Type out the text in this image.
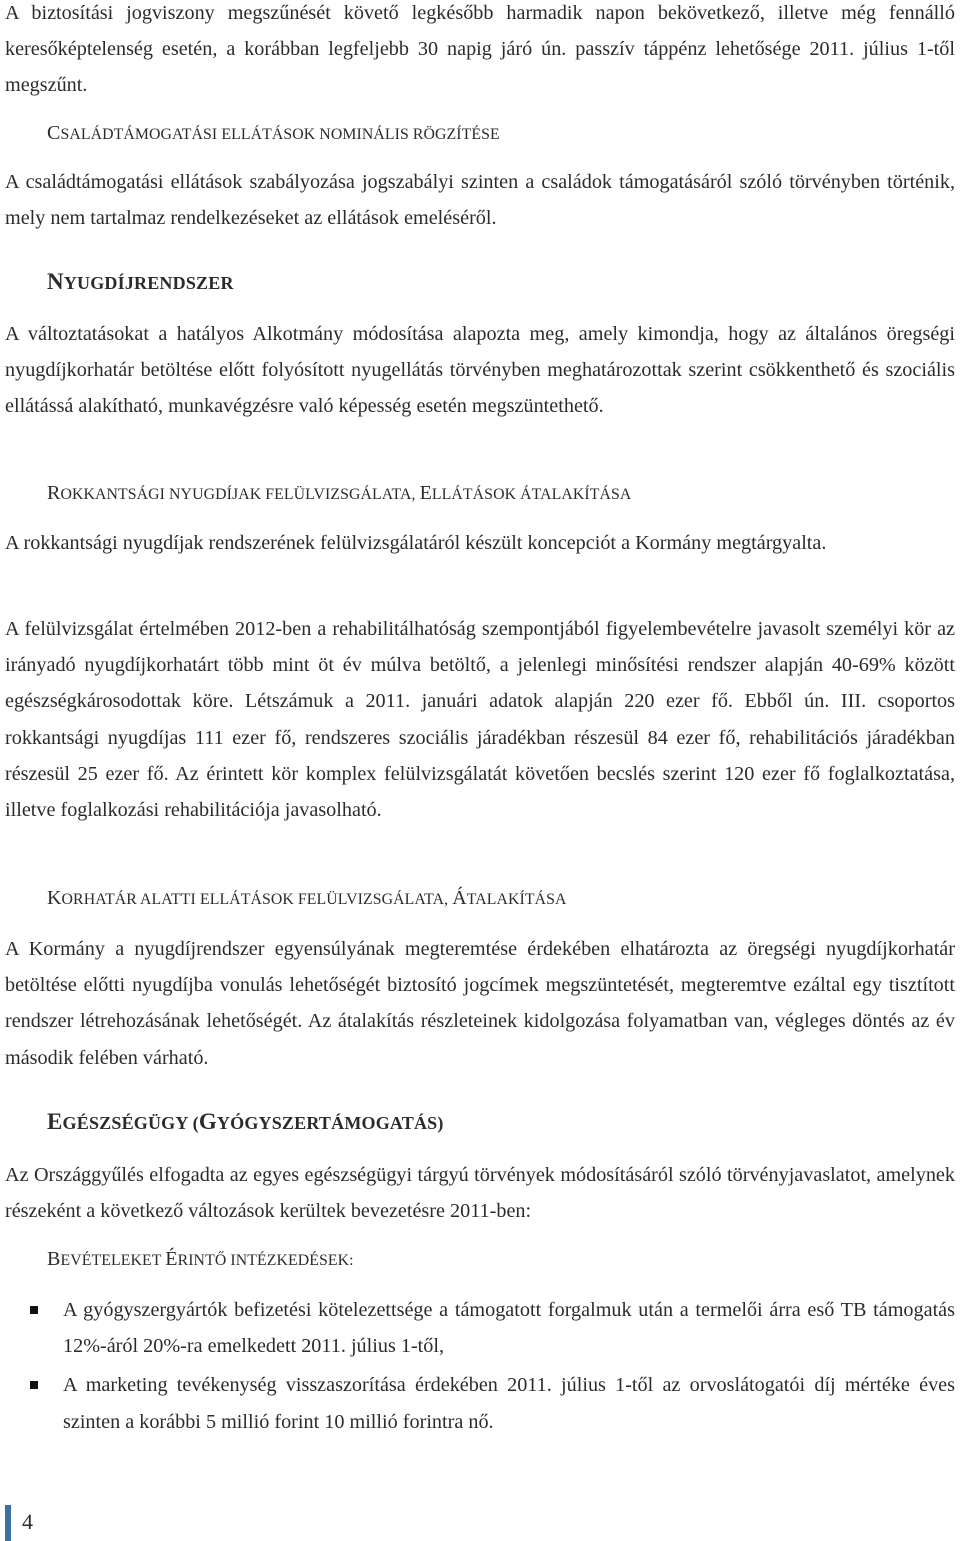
A biztosítási jogviszony megszűnését követő legkésőbb harmadik napon bekövetkező, illetve még fennálló keresőképtelenség esetén, a korábban legfeljebb 30 napig járó ún. passzív táppénz lehetősége 2011. július 1-től megszűnt.

CSALÁDTÁMOGATÁSI ELLÁTÁSOK NOMINÁLIS RÖGZÍTÉSE

A családtámogatási ellátások szabályozása jogszabályi szinten a családok támogatásáról szóló törvényben történik, mely nem tartalmaz rendelkezéseket az ellátások emeléséről.

NYUGDÍJRENDSZER

A változtatásokat a hatályos Alkotmány módosítása alapozta meg, amely kimondja, hogy az általános öregségi nyugdíjkorhatár betöltése előtt folyósított nyugellátás törvényben meghatározottak szerint csökkenthető és szociális ellátássá alakítható, munkavégzésre való képesség esetén megszüntethető.

ROKKANTSÁGI NYUGDÍJAK FELÜLVIZSGÁLATA, ELLÁTÁSOK ÁTALAKÍTÁSA

A rokkantsági nyugdíjak rendszerének felülvizsgálatáról készült koncepciót a Kormány megtárgyalta.

A felülvizsgálat értelmében 2012-ben a rehabilitálhatóság szempontjából figyelembevételre javasolt személyi kör az irányadó nyugdíjkorhatárt több mint öt év múlva betöltő, a jelenlegi minősítési rendszer alapján 40-69% között egészségkárosodottak köre. Létszámuk a 2011. januári adatok alapján 220 ezer fő. Ebből ún. III. csoportos rokkantsági nyugdíjas 111 ezer fő, rendszeres szociális járadékban részesül 84 ezer fő, rehabilitációs járadékban részesül 25 ezer fő. Az érintett kör komplex felülvizsgálatát követően becslés szerint 120 ezer fő foglalkoztatása, illetve foglalkozási rehabilitációja javasolható.

KORHATÁR ALATTI ELLÁTÁSOK FELÜLVIZSGÁLATA, ÁTALAKÍTÁSA

A Kormány a nyugdíjrendszer egyensúlyának megteremtése érdekében elhatározta az öregségi nyugdíjkorhatár betöltése előtti nyugdíjba vonulás lehetőségét biztosító jogcímek megszüntetését, megteremtve ezáltal egy tisztított rendszer létrehozásának lehetőségét. Az átalakítás részleteinek kidolgozása folyamatban van, végleges döntés az év második felében várható.

EGÉSZSÉGÜGY (GYÓGYSZERTÁMOGATÁS)

Az Országgyűlés elfogadta az egyes egészségügyi tárgyú törvények módosításáról szóló törvényjavaslatot, amelynek részeként a következő változások kerültek bevezetésre 2011-ben:

BEVÉTELEKET ÉRINTŐ INTÉZKEDÉSEK:

A gyógyszergyártók befizetési kötelezettsége a támogatott forgalmuk után a termelői árra eső TB támogatás 12%-áról 20%-ra emelkedett 2011. július 1-től,
A marketing tevékenység visszaszorítása érdekében 2011. július 1-től az orvoslátogatói díj mértéke éves szinten a korábbi 5 millió forint 10 millió forintra nő.
4
